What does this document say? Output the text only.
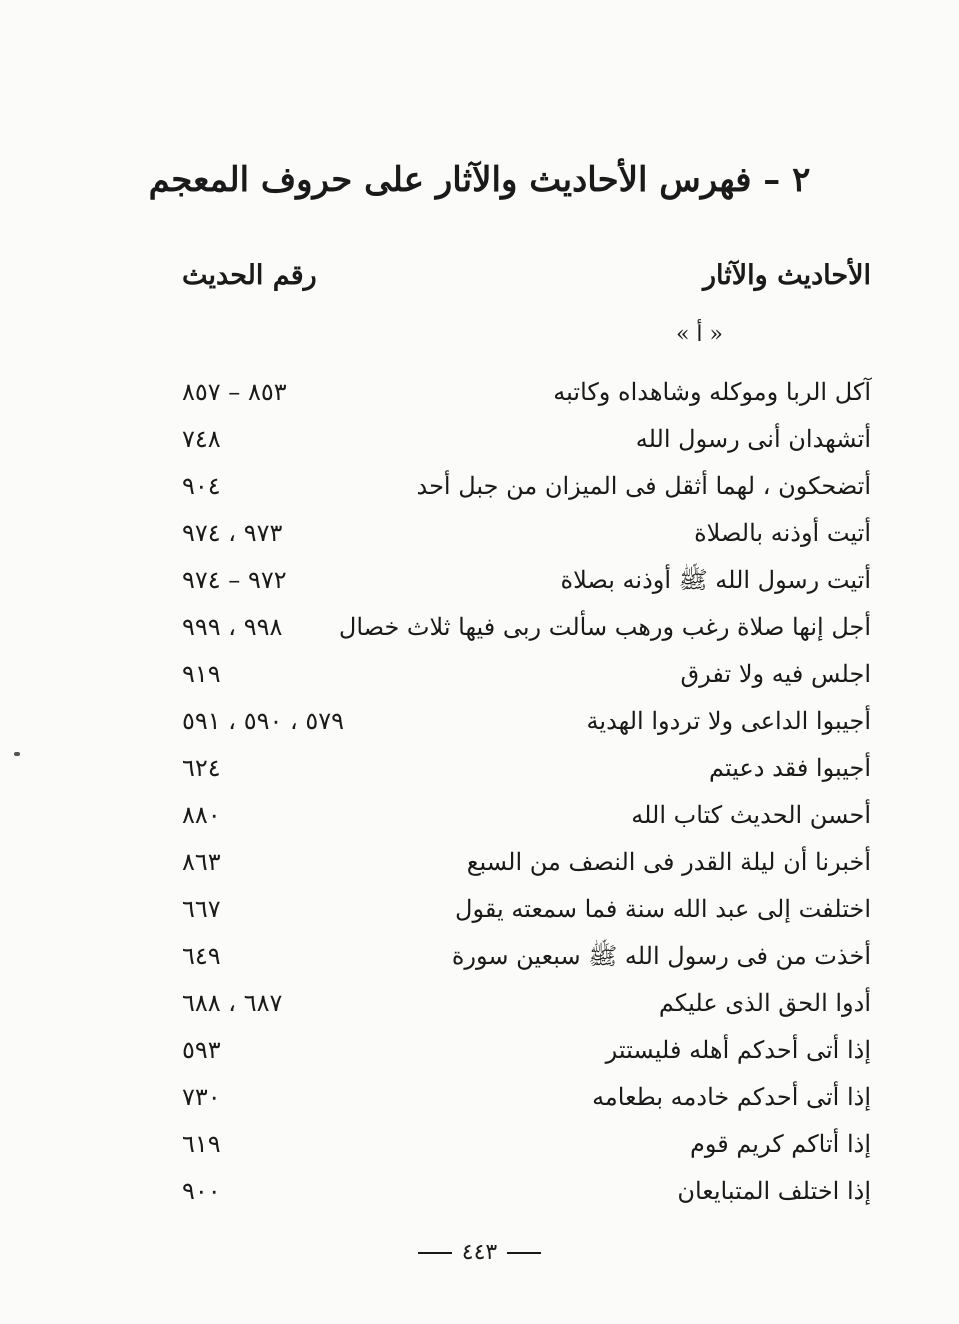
٢ – فهرس الأحاديث والآثار على حروف المعجم
الأحاديث والآثار
رقم الحديث
« أ »
آكل الربا وموكله وشاهداه وكاتبه
٨٥٣ – ٨٥٧
أتشهدان أنى رسول الله
٧٤٨
أتضحكون ، لهما أثقل فى الميزان من جبل أحد
٩٠٤
أتيت أوذنه بالصلاة
٩٧٣ ، ٩٧٤
أتيت رسول الله ﷺ أوذنه بصلاة
٩٧٢ – ٩٧٤
أجل إنها صلاة رغب ورهب سألت ربى فيها ثلاث خصال
٩٩٨ ، ٩٩٩
اجلس فيه ولا تفرق
٩١٩
أجيبوا الداعى ولا تردوا الهدية
٥٧٩ ، ٥٩٠ ، ٥٩١
أجيبوا فقد دعيتم
٦٢٤
أحسن الحديث كتاب الله
٨٨٠
أخبرنا أن ليلة القدر فى النصف من السبع
٨٦٣
اختلفت إلى عبد الله سنة فما سمعته يقول
٦٦٧
أخذت من فى رسول الله ﷺ سبعين سورة
٦٤٩
أدوا الحق الذى عليكم
٦٨٧ ، ٦٨٨
إذا أتى أحدكم أهله فليستتر
٥٩٣
إذا أتى أحدكم خادمه بطعامه
٧٣٠
إذا أتاكم كريم قوم
٦١٩
إذا اختلف المتبايعان
٩٠٠
٤٤٣
